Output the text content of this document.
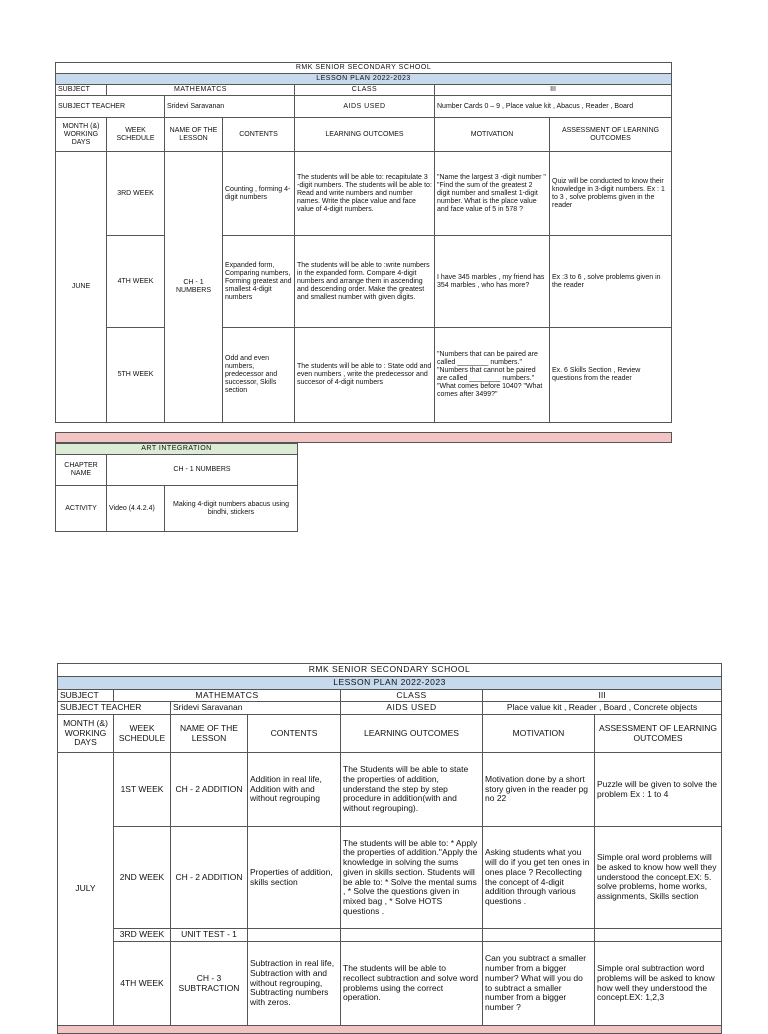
RMK SENIOR SECONDARY SCHOOL						
LESSON PLAN 2022-2023						
SUBJECT	MATHEMATCS			CLASS	III	
SUBJECT TEACHER		Sridevi Saravanan		AIDS USED	Number Cards 0 – 9 , Place value kit , Abacus , Reader , Board	
MONTH (&) WORKING DAYS	WEEK SCHEDULE	NAME OF THE LESSON	CONTENTS	LEARNING OUTCOMES	MOTIVATION	ASSESSMENT OF LEARNING OUTCOMES
JUNE	3RD WEEK	CH - 1 NUMBERS	Counting , forming 4-digit numbers	The students will be able to: recapitulate 3 -digit numbers. The students will be able to: Read and write numbers and number names. Write the place value and face value of 4-digit numbers.	"Name the largest 3 -digit number " "Find the sum of the greatest 2 digit number and smallest 1-digit number. What is the place value and face value of 5 in 578 ?	Quiz will be conducted to know their knowledge in 3-digit numbers. Ex : 1 to 3 , solve problems given in the reader
	4TH WEEK		Expanded form, Comparing numbers, Forming greatest and smallest 4-digit numbers	The students will be able to :write numbers in the expanded form. Compare 4-digit numbers and arrange them in ascending and descending order. Make the greatest and smallest number with given digits.	I have 345 marbles , my friend has 354 marbles , who has more?	Ex :3 to 6 , solve problems given in the reader
	5TH WEEK		Odd and even numbers, predecessor and successor, Skills section	The students will be able to : State odd and even numbers , write the predecessor and succesor of 4-digit numbers	"Numbers that can be paired are called ________ numbers." "Numbers that cannot be paired are called ________ numbers." "What comes before 1040? "What comes after 3499?"	Ex. 6 Skills Section , Review questions from the reader

ART INTEGRATION		
CHAPTER NAME	CH - 1 NUMBERS	
ACTIVITY	Video (4.4.2.4)	Making 4-digit numbers abacus using bindhi, stickers
RMK SENIOR SECONDARY SCHOOL						
LESSON PLAN 2022-2023						
SUBJECT	MATHEMATCS			CLASS	III	
SUBJECT TEACHER		Sridevi Saravanan		AIDS USED	Place value kit , Reader , Board , Concrete objects	
MONTH (&) WORKING DAYS	WEEK SCHEDULE	NAME OF THE LESSON	CONTENTS	LEARNING OUTCOMES	MOTIVATION	ASSESSMENT OF LEARNING OUTCOMES
JULY	1ST WEEK	CH - 2 ADDITION	Addition in real life, Addition with and without regrouping	The Students will be able to state the properties of addition, understand the step by step procedure in addition(with and without regrouping).	Motivation done by a short story given in the reader pg no 22	Puzzle will be given to solve the problem Ex : 1 to 4
	2ND WEEK	CH - 2 ADDITION	Properties of addition, skills section	The students will be able to: * Apply the properties of addition."Apply the knowledge in solving the sums given in skills section. Students will be able to: * Solve the mental sums , * Solve the questions given in mixed bag , * Solve HOTS questions .	Asking students what you will do if you get ten ones in ones place ? Recollecting the concept of 4-digit addition through various questions .	Simple oral word problems will be asked to know how well they understood the concept.EX: 5. solve problems, home works, assignments, Skills section
	3RD WEEK	UNIT TEST - 1				
	4TH WEEK	CH - 3 SUBTRACTION	Subtraction in real life, Subtraction with and without regrouping, Subtracting numbers with zeros.	The students will be able to recollect subtraction and solve word problems using the correct operation.	Can you subtract a smaller number from a bigger number? What will you do to subtract a smaller number from a bigger number ?	Simple oral subtraction word problems will be asked to know how well they understood the concept.EX: 1,2,3
